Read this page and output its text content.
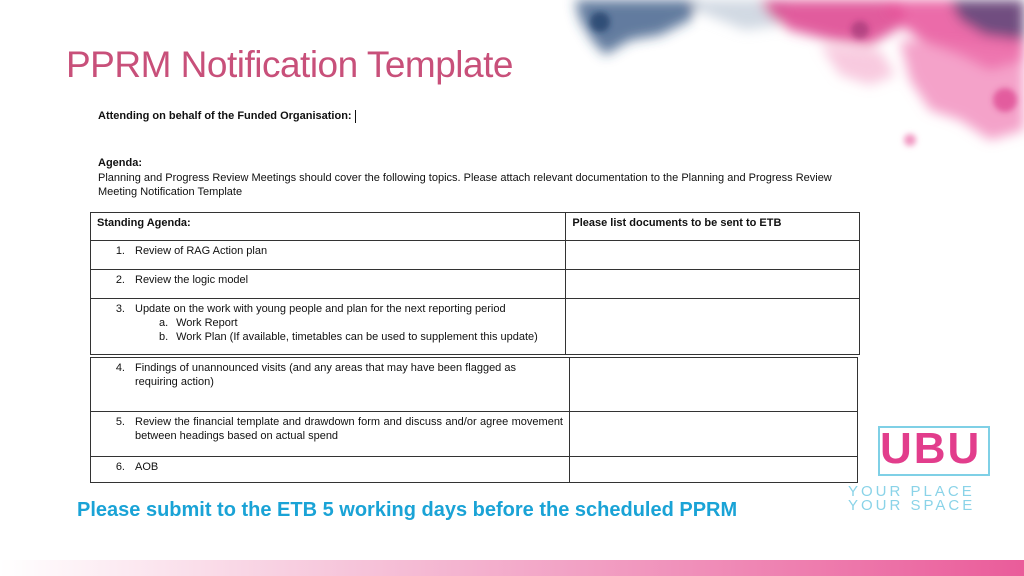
PPRM Notification Template
Attending on behalf of the Funded Organisation:
Agenda:
Planning and Progress Review Meetings should cover the following topics. Please attach relevant documentation to the Planning and Progress Review Meeting Notification Template
Standing Agenda:	Please list documents to be sent to ETB
1. Review of RAG Action plan	
2. Review the logic model	

3. Update on the work with young people and plan for the next reporting period
a. Work Report
b. Work Plan (If available, timetables can be used to supplement this update)	

4. Findings of unannounced visits (and any areas that may have been flagged as requiring action)	

5. Review the financial template and drawdown form and discuss and/or agree movement between headings based on actual spend	

6. AOB	
Please submit to the ETB 5 working days before the scheduled PPRM
UBU
YOUR PLACE
YOUR SPACE
